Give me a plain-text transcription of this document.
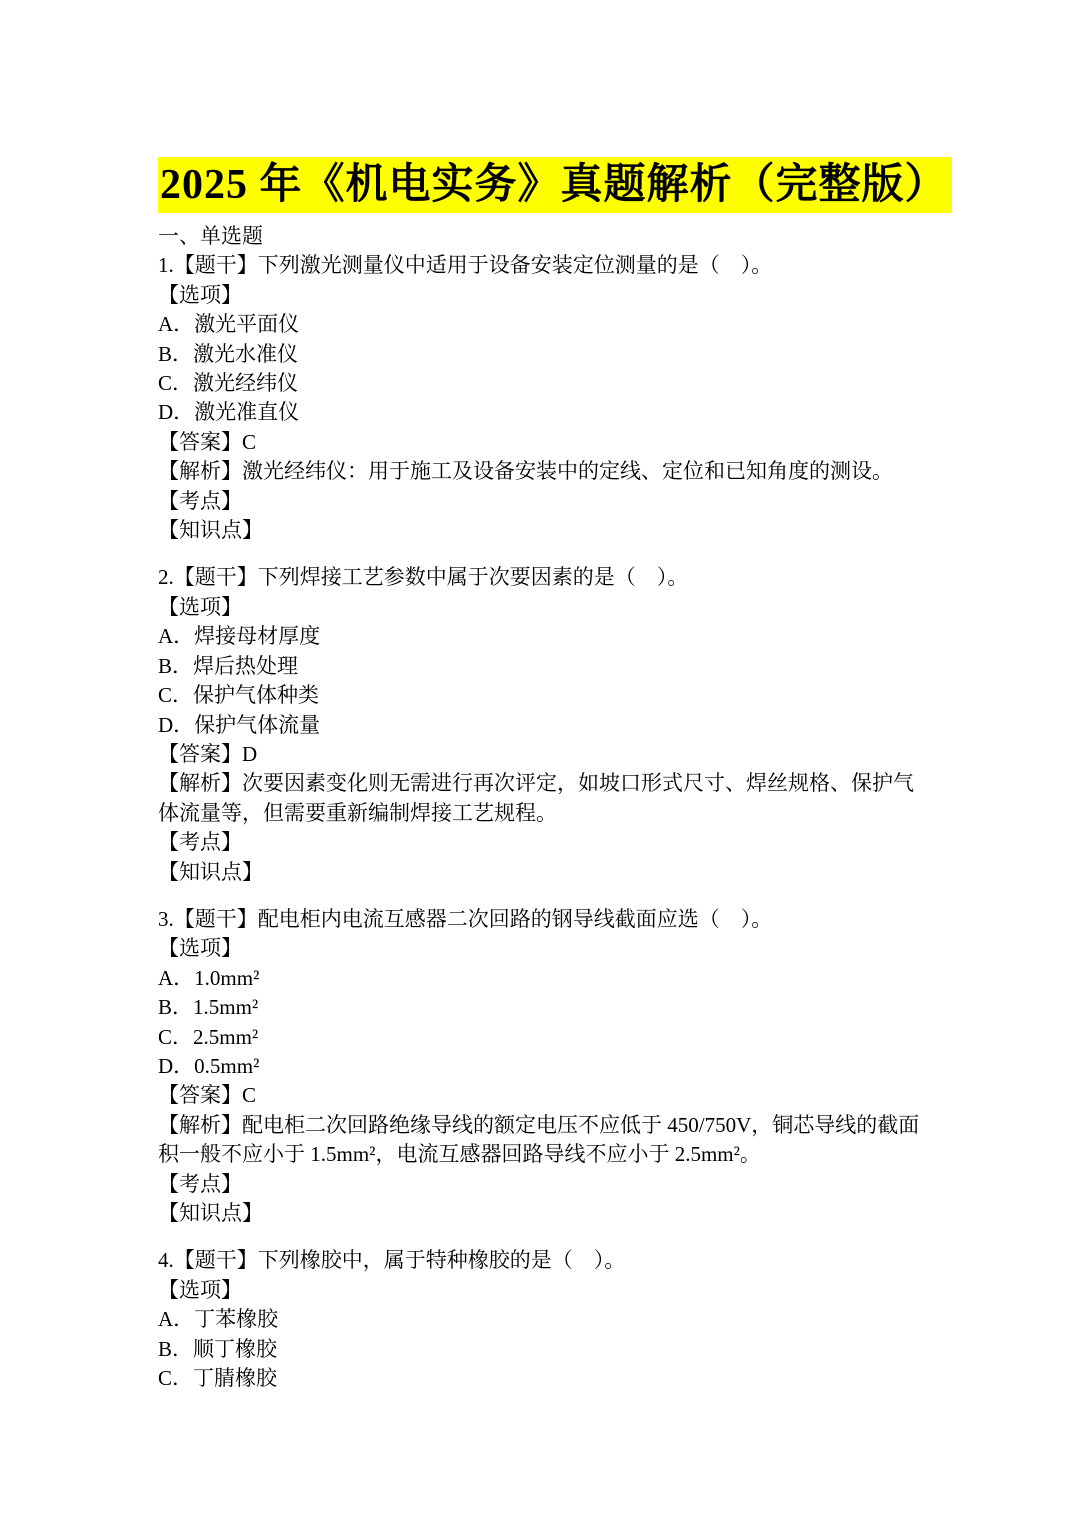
2025 年《机电实务》真题解析（完整版）

一、单选题

1.【题干】下列激光测量仪中适用于设备安装定位测量的是（　）。

【选项】

A．激光平面仪

B．激光水准仪

C．激光经纬仪

D．激光准直仪

【答案】C

【解析】激光经纬仪：用于施工及设备安装中的定线、定位和已知角度的测设。

【考点】

【知识点】

2.【题干】下列焊接工艺参数中属于次要因素的是（　）。

【选项】

A．焊接母材厚度

B．焊后热处理

C．保护气体种类

D．保护气体流量

【答案】D

【解析】次要因素变化则无需进行再次评定，如坡口形式尺寸、焊丝规格、保护气体流量等，但需要重新编制焊接工艺规程。

【考点】

【知识点】

3.【题干】配电柜内电流互感器二次回路的钢导线截面应选（　）。

【选项】

A．1.0mm²

B．1.5mm²

C．2.5mm²

D．0.5mm²

【答案】C

【解析】配电柜二次回路绝缘导线的额定电压不应低于 450/750V，铜芯导线的截面积一般不应小于 1.5mm²，电流互感器回路导线不应小于 2.5mm²。

【考点】

【知识点】

4.【题干】下列橡胶中，属于特种橡胶的是（　）。

【选项】

A．丁苯橡胶

B．顺丁橡胶

C．丁腈橡胶
